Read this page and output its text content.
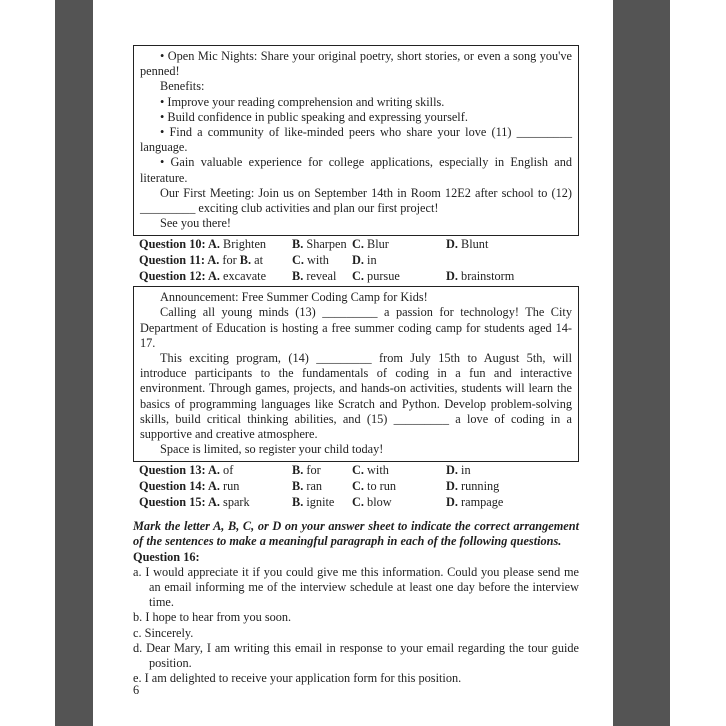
• Open Mic Nights: Share your original poetry, short stories, or even a song you've penned!

Benefits:

• Improve your reading comprehension and writing skills.

• Build confidence in public speaking and expressing yourself.

• Find a community of like-minded peers who share your love (11) _________ language.

• Gain valuable experience for college applications, especially in English and literature.

Our First Meeting: Join us on September 14th in Room 12E2 after school to (12) _________ exciting club activities and plan our first project!

See you there!

Question 10: A. Brighten	B. Sharpen C. Blur	D. Blunt
Question 11: A. for B. at	C. with	D. in
Question 12: A. excavate	B. reveal	C. pursue	D. brainstorm

Announcement: Free Summer Coding Camp for Kids!

Calling all young minds (13) _________ a passion for technology! The City Department of Education is hosting a free summer coding camp for students aged 14-17.

This exciting program, (14) _________ from July 15th to August 5th, will introduce participants to the fundamentals of coding in a fun and interactive environment. Through games, projects, and hands-on activities, students will learn the basics of programming languages like Scratch and Python. Develop problem-solving skills, build critical thinking abilities, and (15) _________ a love of coding in a supportive and creative atmosphere.

Space is limited, so register your child today!

Question 13: A. of	B. for	C. with	D. in
Question 14: A. run	B. ran	C. to run	D. running
Question 15: A. spark	B. ignite	C. blow	D. rampage

Mark the letter A, B, C, or D on your answer sheet to indicate the correct arrangement of the sentences to make a meaningful paragraph in each of the following questions.

Question 16:

a. I would appreciate it if you could give me this information. Could you please send me an email informing me of the interview schedule at least one day before the interview time.

b. I hope to hear from you soon.

c. Sincerely.

d. Dear Mary, I am writing this email in response to your email regarding the tour guide position.

e. I am delighted to receive your application form for this position.

6
